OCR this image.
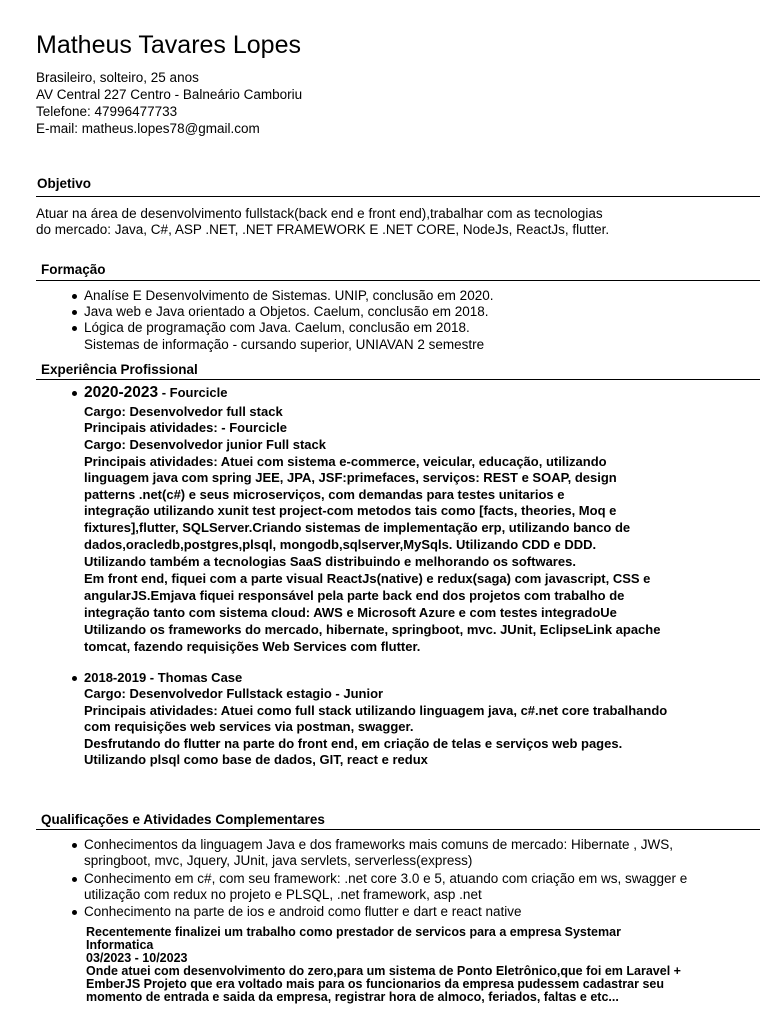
Matheus Tavares Lopes
Brasileiro, solteiro, 25 anos
AV Central 227 Centro - Balneário Camboriu
Telefone: 47996477733
E-mail: matheus.lopes78@gmail.com
Objetivo
Atuar na área de desenvolvimento fullstack(back end e front end),trabalhar com as tecnologias
do mercado: Java, C#, ASP .NET, .NET FRAMEWORK E .NET CORE, NodeJs, ReactJs, flutter.
Formação
Analíse E Desenvolvimento de Sistemas. UNIP, conclusão em 2020.
Java web e Java orientado a Objetos. Caelum, conclusão em 2018.
Lógica de programação com Java. Caelum, conclusão em 2018.
Sistemas de informação - cursando superior, UNIAVAN 2 semestre
Experiência Profissional
2020-2023 - Fourcicle
Cargo: Desenvolvedor full stack
Principais atividades: - Fourcicle
Cargo: Desenvolvedor junior Full stack
Principais atividades: Atuei com sistema e-commerce, veicular, educação, utilizando
linguagem java com spring JEE, JPA, JSF:primefaces, serviços: REST e SOAP, design
patterns .net(c#) e seus microserviços, com demandas para testes unitarios e
integração utilizando xunit test project-com metodos tais como [facts, theories, Moq e
fixtures],flutter, SQLServer.Criando sistemas de implementação erp, utilizando banco de
dados,oracledb,postgres,plsql, mongodb,sqlserver,MySqls. Utilizando CDD e DDD.
Utilizando também a tecnologias SaaS distribuindo e melhorando os softwares.
Em front end, fiquei com a parte visual ReactJs(native) e redux(saga) com javascript, CSS e
angularJS.Emjava fiquei responsável pela parte back end dos projetos com trabalho de
integração tanto com sistema cloud: AWS e Microsoft Azure e com testes integradoUe
Utilizando os frameworks do mercado, hibernate, springboot, mvc. JUnit, EclipseLink apache
tomcat, fazendo requisições Web Services com flutter.
2018-2019 - Thomas Case
Cargo: Desenvolvedor Fullstack estagio - Junior
Principais atividades: Atuei como full stack utilizando linguagem java, c#.net core trabalhando
com requisições web services via postman, swagger.
Desfrutando do flutter na parte do front end, em criação de telas e serviços web pages.
Utilizando plsql como base de dados, GIT, react e redux
Qualificações e Atividades Complementares
Conhecimentos da linguagem Java e dos frameworks mais comuns de mercado: Hibernate , JWS,
springboot, mvc, Jquery, JUnit, java servlets, serverless(express)
Conhecimento em c#, com seu framework: .net core 3.0 e 5, atuando com criação em ws, swagger e
utilização com redux no projeto e PLSQL, .net framework, asp .net
Conhecimento na parte de ios e android como flutter e dart e react native
Recentemente finalizei um trabalho como prestador de servicos para a empresa Systemar
Informatica
03/2023 - 10/2023
Onde atuei com desenvolvimento do zero,para um sistema de Ponto Eletrônico,que foi em Laravel +
EmberJS Projeto que era voltado mais para os funcionarios da empresa pudessem cadastrar seu
momento de entrada e saida da empresa, registrar hora de almoco, feriados, faltas e etc...
